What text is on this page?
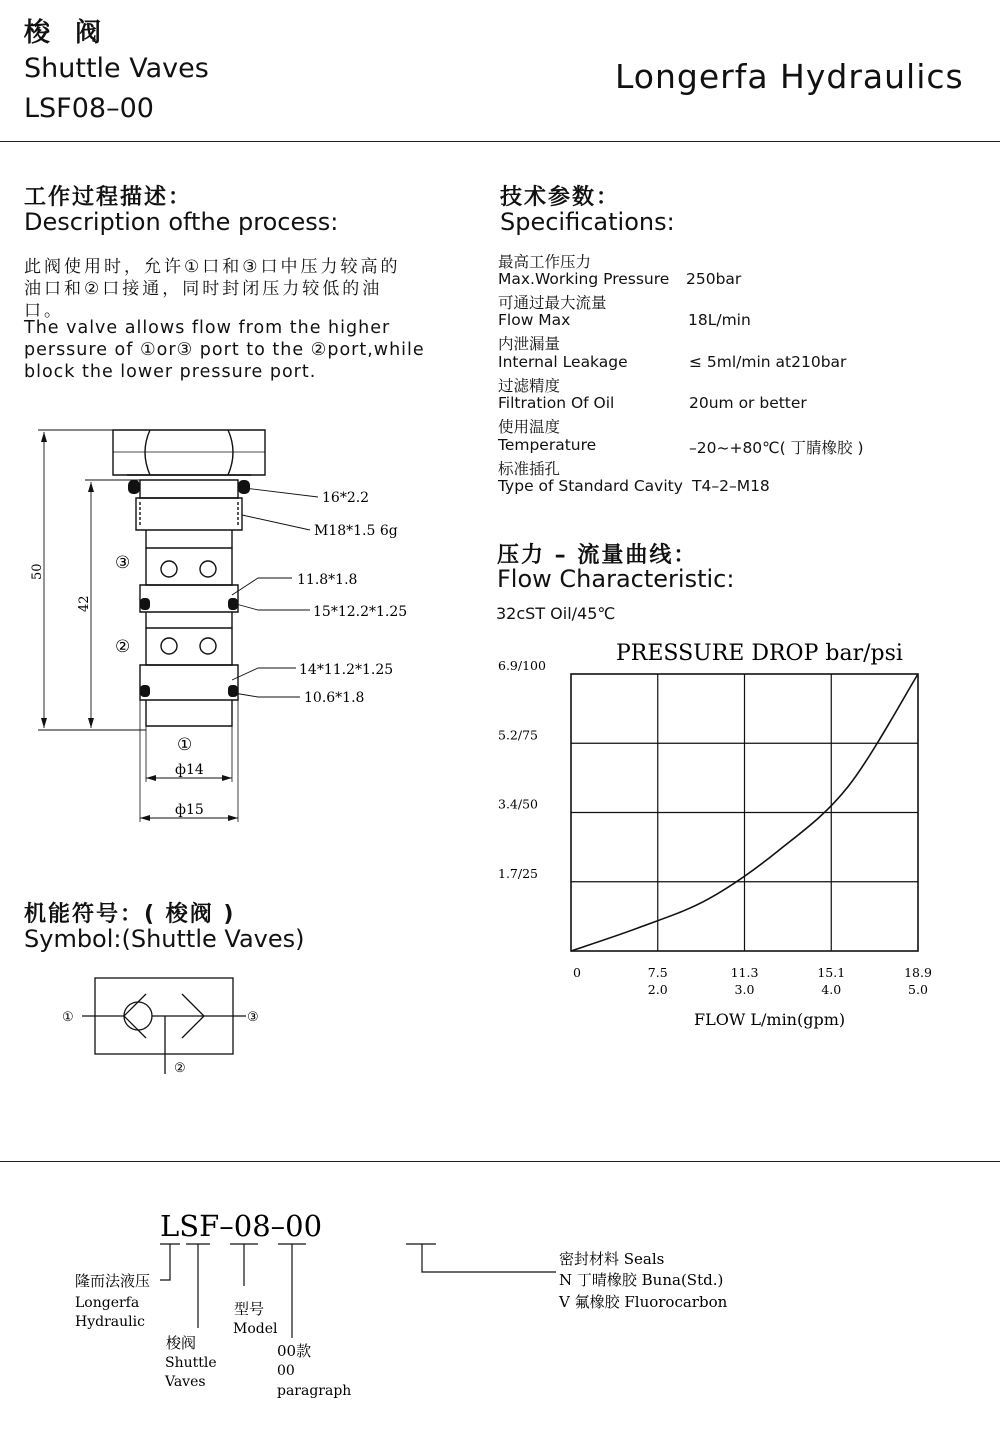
梭 阀
Shuttle Vaves
LSF08–00
Longerfa Hydraulics
工作过程描述：
Description ofthe process:
此阀使用时，允许①口和③口中压力较高的
油口和②口接通，同时封闭压力较低的油
口。
The valve allows flow from the higher
perssure of ①or③ port to the ②port,while
block the lower pressure port.
技术参数：
Specifications:
最高工作压力
Max.Working Pressure 250bar
可通过最大流量
Flow Max	18L/min
内泄漏量
Internal Leakage	≤ 5ml/min at210bar
过滤精度
Filtration Of Oil	20um or better
使用温度
Temperature	–20~+80℃( 丁腈橡胶 )
标准插孔
Type of Standard Cavity T4–2–M18
50
42
ф14
ф15
16*2.2
M18*1.5 6g
11.8*1.8
15*12.2*1.25
14*11.2*1.25
10.6*1.8
③
②
①
压力 – 流量曲线：
Flow Characteristic:
32cST Oil/45℃
PRESSURE DROP bar/psi
1.7/25
3.4/50
5.2/75
6.9/100
0	7.5
2.0
11.3
3.0
15.1
4.0
18.9
5.0
FLOW L/min(gpm)
机能符号：( 梭阀 )
Symbol:(Shuttle Vaves)
①	③
②
LSF–08–00
隆而法液压
Longerfa
Hydraulic
梭阀
Shuttle
Vaves
型号
Model
00款
00
paragraph
密封材料 Seals
N 丁晴橡胶 Buna(Std.)
V 氟橡胶 Fluorocarbon
